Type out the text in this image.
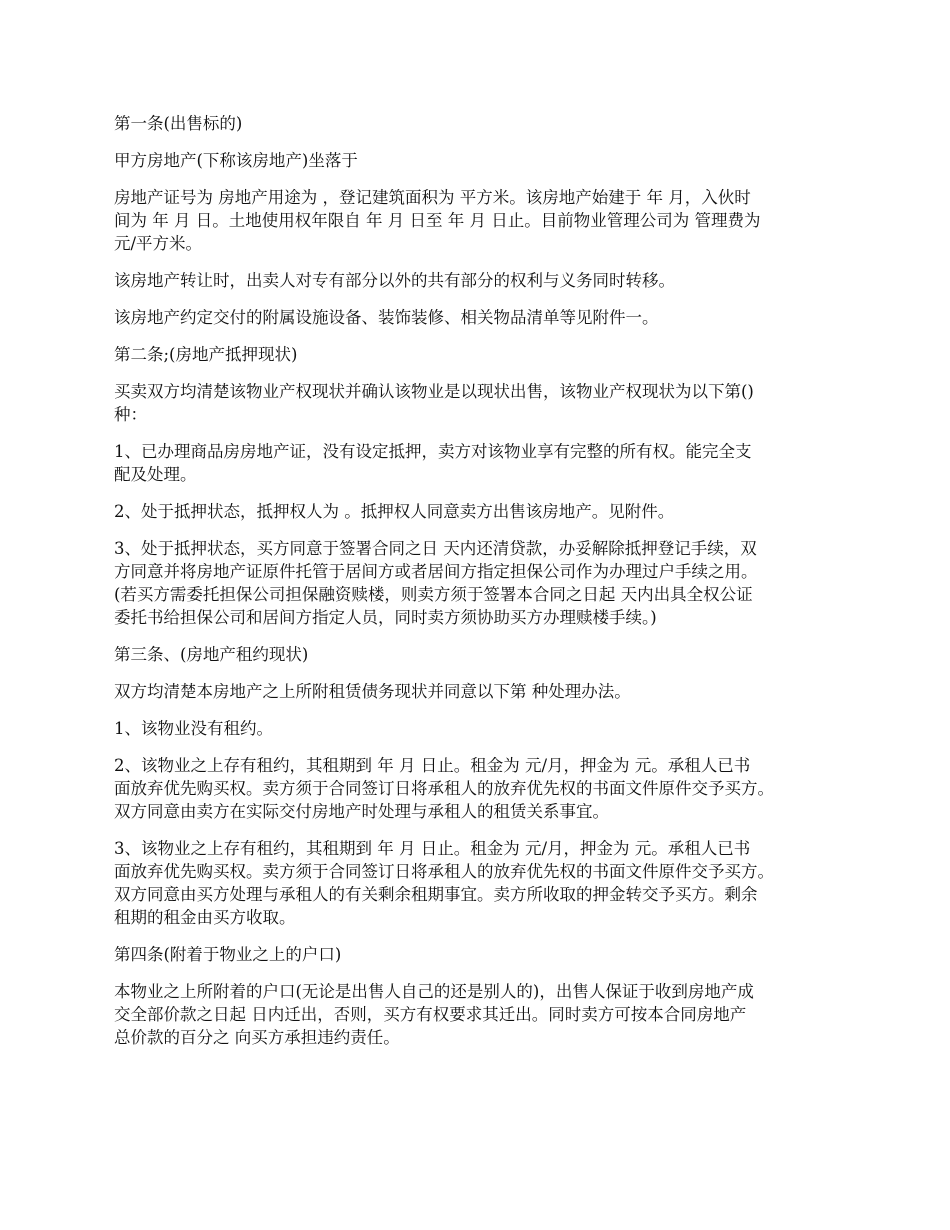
第一条(出售标的)

甲方房地产(下称该房地产)坐落于

房地产证号为 房地产用途为 ，登记建筑面积为 平方米。该房地产始建于 年 月，入伙时
间为 年 月 日。土地使用权年限自 年 月 日至 年 月 日止。目前物业管理公司为 管理费为
元/平方米。

该房地产转让时，出卖人对专有部分以外的共有部分的权利与义务同时转移。

该房地产约定交付的附属设施设备、装饰装修、相关物品清单等见附件一。

第二条;(房地产抵押现状)

买卖双方均清楚该物业产权现状并确认该物业是以现状出售，该物业产权现状为以下第()
种：

1、已办理商品房房地产证，没有设定抵押，卖方对该物业享有完整的所有权。能完全支
配及处理。

2、处于抵押状态，抵押权人为 。抵押权人同意卖方出售该房地产。见附件。

3、处于抵押状态，买方同意于签署合同之日 天内还清贷款，办妥解除抵押登记手续，双
方同意并将房地产证原件托管于居间方或者居间方指定担保公司作为办理过户手续之用。
(若买方需委托担保公司担保融资赎楼，则卖方须于签署本合同之日起 天内出具全权公证
委托书给担保公司和居间方指定人员，同时卖方须协助买方办理赎楼手续。)

第三条、(房地产租约现状)

双方均清楚本房地产之上所附租赁债务现状并同意以下第 种处理办法。

1、该物业没有租约。

2、该物业之上存有租约，其租期到 年 月 日止。租金为 元/月，押金为 元。承租人已书
面放弃优先购买权。卖方须于合同签订日将承租人的放弃优先权的书面文件原件交予买方。
双方同意由卖方在实际交付房地产时处理与承租人的租赁关系事宜。

3、该物业之上存有租约，其租期到 年 月 日止。租金为 元/月，押金为 元。承租人已书
面放弃优先购买权。卖方须于合同签订日将承租人的放弃优先权的书面文件原件交予买方。
双方同意由买方处理与承租人的有关剩余租期事宜。卖方所收取的押金转交予买方。剩余
租期的租金由买方收取。

第四条(附着于物业之上的户口)

本物业之上所附着的户口(无论是出售人自己的还是别人的)，出售人保证于收到房地产成
交全部价款之日起 日内迁出，否则，买方有权要求其迁出。同时卖方可按本合同房地产
总价款的百分之 向买方承担违约责任。
